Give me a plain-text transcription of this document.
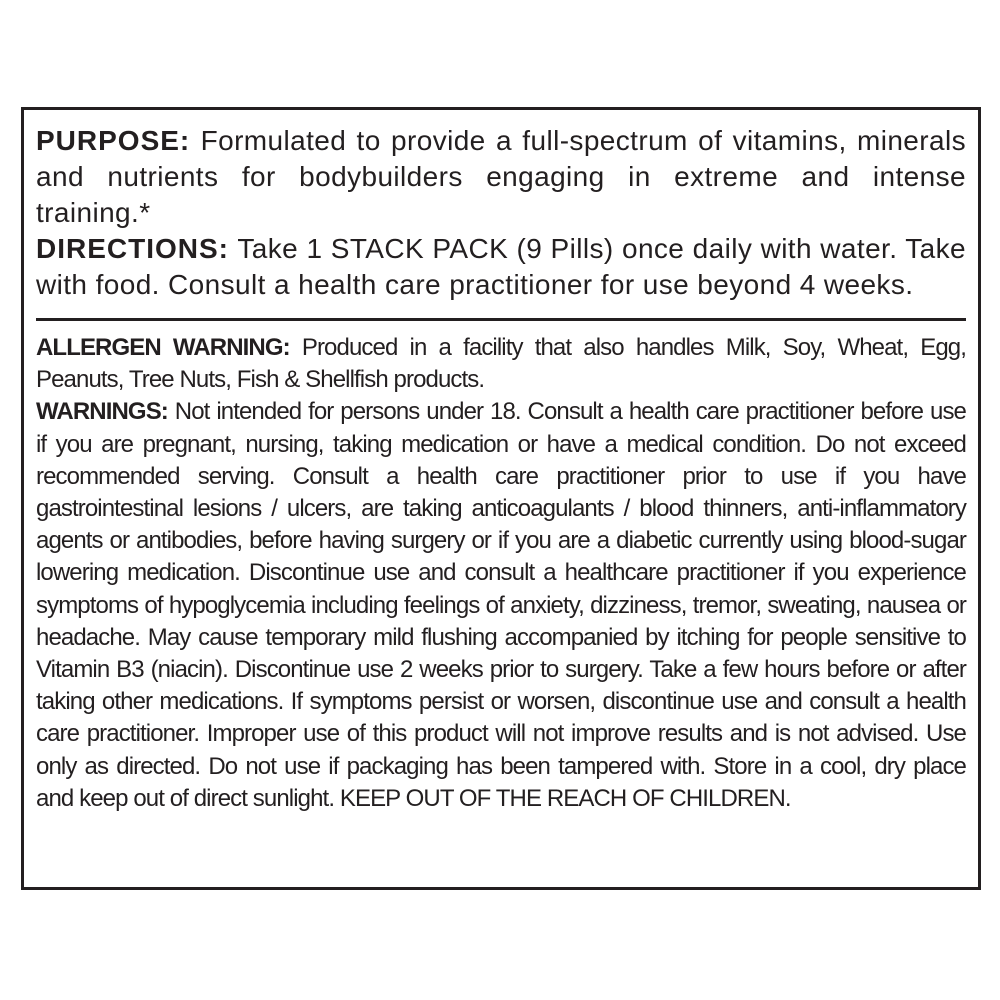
PURPOSE: Formulated to provide a full-spectrum of vitamins, minerals and nutrients for bodybuilders engaging in extreme and intense training.*

DIRECTIONS: Take 1 STACK PACK (9 Pills) once daily with water. Take with food. Consult a health care practitioner for use beyond 4 weeks.

ALLERGEN WARNING: Produced in a facility that also handles Milk, Soy, Wheat, Egg, Peanuts, Tree Nuts, Fish & Shellfish products.

WARNINGS: Not intended for persons under 18. Consult a health care practitioner before use if you are pregnant, nursing, taking medication or have a medical condition. Do not exceed recommended serving. Consult a health care practitioner prior to use if you have gastrointestinal lesions / ulcers, are taking anticoagulants / blood thinners, anti-inflammatory agents or antibodies, before having surgery or if you are a diabetic currently using blood-sugar lowering medication. Discontinue use and consult a healthcare practitioner if you experience symptoms of hypoglycemia including feelings of anxiety, dizziness, tremor, sweating, nausea or headache. May cause temporary mild flushing accompanied by itching for people sensitive to Vitamin B3 (niacin). Discontinue use 2 weeks prior to surgery. Take a few hours before or after taking other medications. If symptoms persist or worsen, discontinue use and consult a health care practitioner. Improper use of this product will not improve results and is not advised. Use only as directed. Do not use if packaging has been tampered with. Store in a cool, dry place and keep out of direct sunlight. KEEP OUT OF THE REACH OF CHILDREN.
